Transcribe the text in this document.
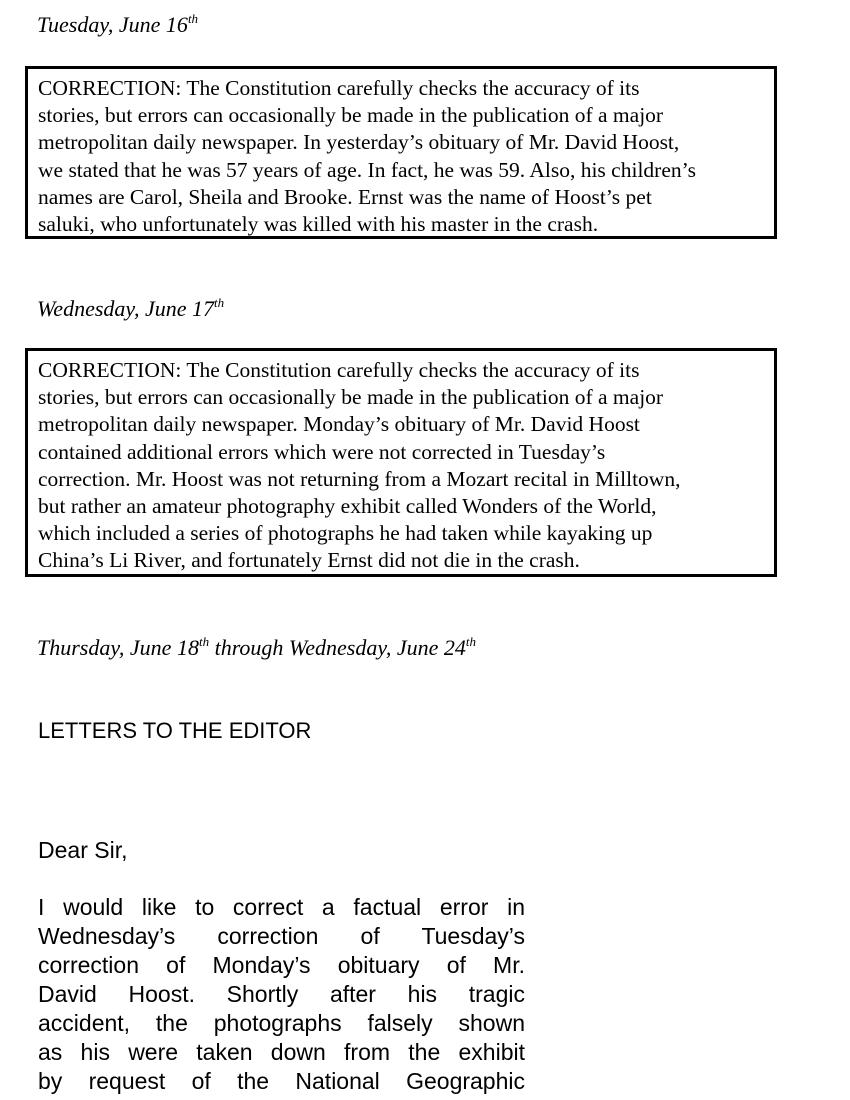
Tuesday, June 16th

CORRECTION: The Constitution carefully checks the accuracy of its
stories, but errors can occasionally be made in the publication of a major
metropolitan daily newspaper. In yesterday’s obituary of Mr. David Hoost,
we stated that he was 57 years of age. In fact, he was 59. Also, his children’s
names are Carol, Sheila and Brooke. Ernst was the name of Hoost’s pet
saluki, who unfortunately was killed with his master in the crash.

Wednesday, June 17th

CORRECTION: The Constitution carefully checks the accuracy of its
stories, but errors can occasionally be made in the publication of a major
metropolitan daily newspaper. Monday’s obituary of Mr. David Hoost
contained additional errors which were not corrected in Tuesday’s
correction. Mr. Hoost was not returning from a Mozart recital in Milltown,
but rather an amateur photography exhibit called Wonders of the World,
which included a series of photographs he had taken while kayaking up
China’s Li River, and fortunately Ernst did not die in the crash.

Thursday, June 18th through Wednesday, June 24th

LETTERS TO THE EDITOR

Dear Sir,

I would like to correct a factual error in
Wednesday’s correction of Tuesday’s
correction of Monday’s obituary of Mr.
David Hoost. Shortly after his tragic
accident, the photographs falsely shown
as his were taken down from the exhibit
by request of the National Geographic
